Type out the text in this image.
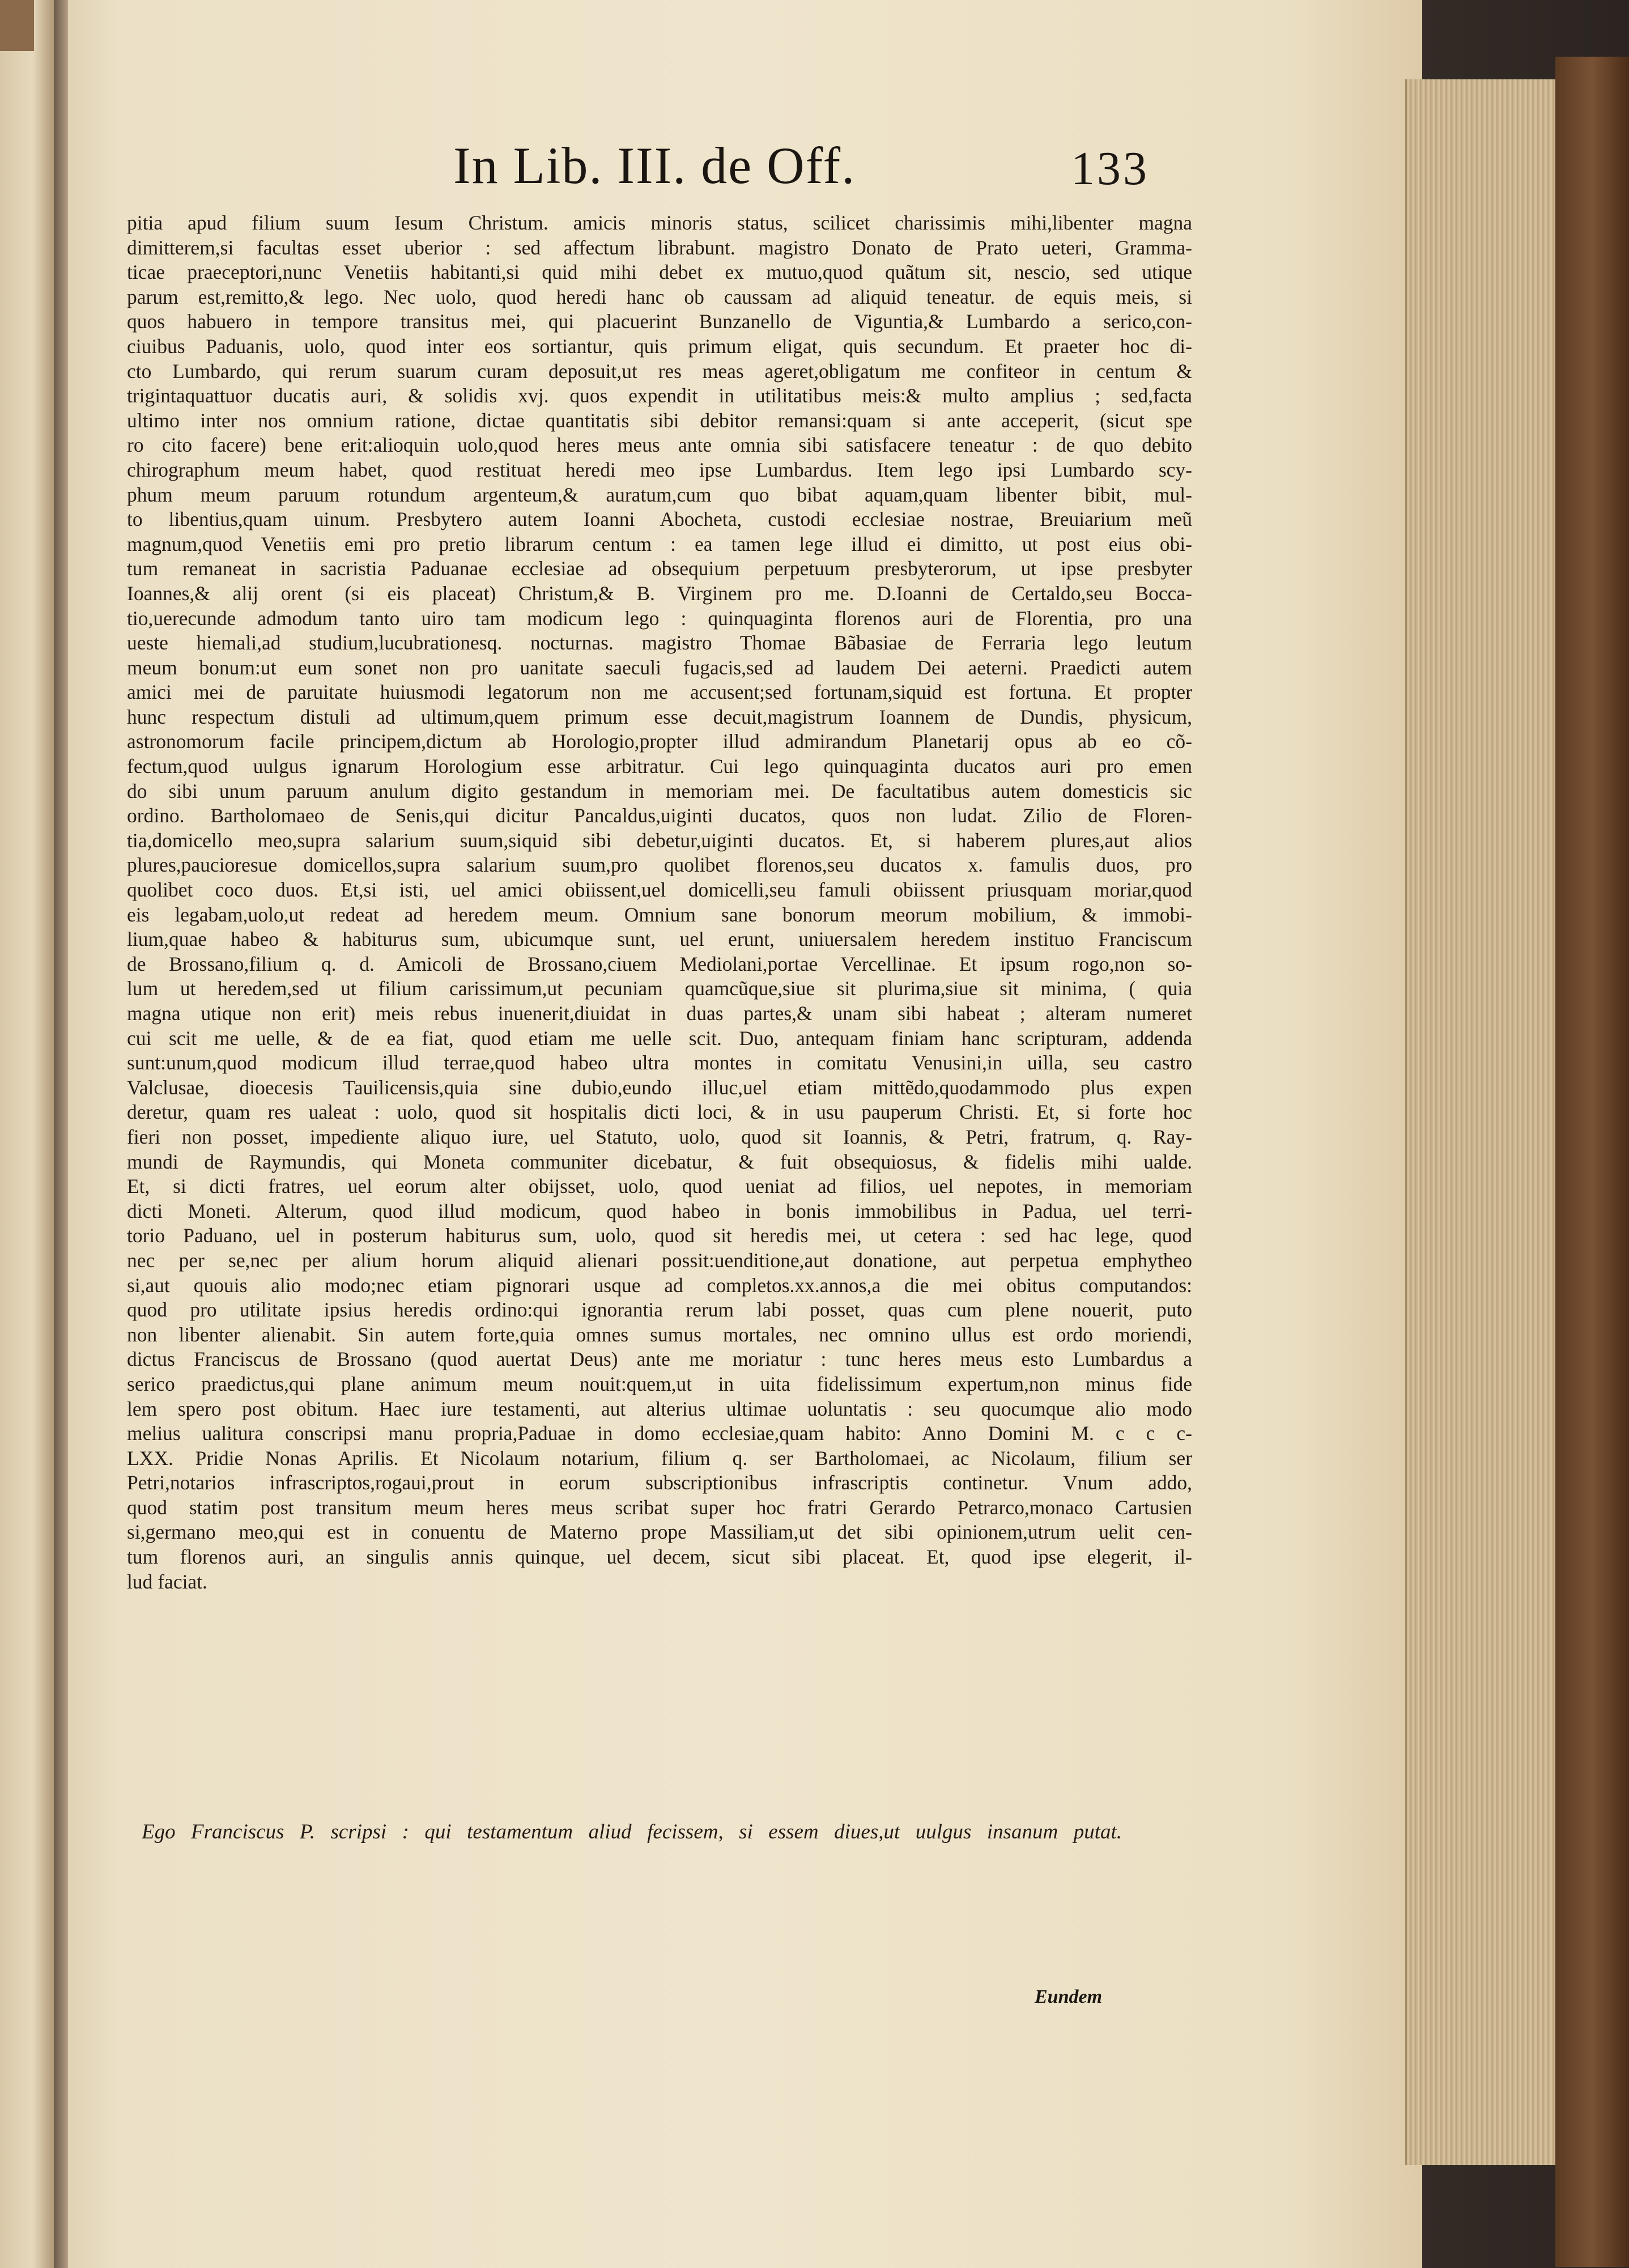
In Lib. III. de Off.	133
pitia apud filium suum Iesum Christum. amicis minoris status, scilicet charissimis mihi,libenter magna
dimitterem,si facultas esset uberior : sed affectum librabunt. magistro Donato de Prato ueteri, Gramma-
ticae praeceptori,nunc Venetiis habitanti,si quid mihi debet ex mutuo,quod quãtum sit, nescio, sed utique
parum est,remitto,& lego. Nec uolo, quod heredi hanc ob caussam ad aliquid teneatur. de equis meis, si
quos habuero in tempore transitus mei, qui placuerint Bunzanello de Viguntia,& Lumbardo a serico,con-
ciuibus Paduanis, uolo, quod inter eos sortiantur, quis primum eligat, quis secundum. Et praeter hoc di-
cto Lumbardo, qui rerum suarum curam deposuit,ut res meas ageret,obligatum me confiteor in centum &
trigintaquattuor ducatis auri, & solidis xvj. quos expendit in utilitatibus meis:& multo amplius ; sed,facta
ultimo inter nos omnium ratione, dictae quantitatis sibi debitor remansi:quam si ante acceperit, (sicut spe
ro cito facere) bene erit:alioquin uolo,quod heres meus ante omnia sibi satisfacere teneatur : de quo debito
chirographum meum habet, quod restituat heredi meo ipse Lumbardus. Item lego ipsi Lumbardo scy-
phum meum paruum rotundum argenteum,& auratum,cum quo bibat aquam,quam libenter bibit, mul-
to libentius,quam uinum. Presbytero autem Ioanni Abocheta, custodi ecclesiae nostrae, Breuiarium meũ
magnum,quod Venetiis emi pro pretio librarum centum : ea tamen lege illud ei dimitto, ut post eius obi-
tum remaneat in sacristia Paduanae ecclesiae ad obsequium perpetuum presbyterorum, ut ipse presbyter
Ioannes,& alij orent (si eis placeat) Christum,& B. Virginem pro me. D.Ioanni de Certaldo,seu Bocca-
tio,uerecunde admodum tanto uiro tam modicum lego : quinquaginta florenos auri de Florentia, pro una
ueste hiemali,ad studium,lucubrationesq. nocturnas. magistro Thomae Bãbasiae de Ferraria lego leutum
meum bonum:ut eum sonet non pro uanitate saeculi fugacis,sed ad laudem Dei aeterni. Praedicti autem
amici mei de paruitate huiusmodi legatorum non me accusent;sed fortunam,siquid est fortuna. Et propter
hunc respectum distuli ad ultimum,quem primum esse decuit,magistrum Ioannem de Dundis, physicum,
astronomorum facile principem,dictum ab Horologio,propter illud admirandum Planetarij opus ab eo cõ-
fectum,quod uulgus ignarum Horologium esse arbitratur. Cui lego quinquaginta ducatos auri pro emen
do sibi unum paruum anulum digito gestandum in memoriam mei. De facultatibus autem domesticis sic
ordino. Bartholomaeo de Senis,qui dicitur Pancaldus,uiginti ducatos, quos non ludat. Zilio de Floren-
tia,domicello meo,supra salarium suum,siquid sibi debetur,uiginti ducatos. Et, si haberem plures,aut alios
plures,paucioresue domicellos,supra salarium suum,pro quolibet florenos,seu ducatos x. famulis duos, pro
quolibet coco duos. Et,si isti, uel amici obiissent,uel domicelli,seu famuli obiissent priusquam moriar,quod
eis legabam,uolo,ut redeat ad heredem meum. Omnium sane bonorum meorum mobilium, & immobi-
lium,quae habeo & habiturus sum, ubicumque sunt, uel erunt, uniuersalem heredem instituo Franciscum
de Brossano,filium q. d. Amicoli de Brossano,ciuem Mediolani,portae Vercellinae. Et ipsum rogo,non so-
lum ut heredem,sed ut filium carissimum,ut pecuniam quamcũque,siue sit plurima,siue sit minima, ( quia
magna utique non erit) meis rebus inuenerit,diuidat in duas partes,& unam sibi habeat ; alteram numeret
cui scit me uelle, & de ea fiat, quod etiam me uelle scit. Duo, antequam finiam hanc scripturam, addenda
sunt:unum,quod modicum illud terrae,quod habeo ultra montes in comitatu Venusini,in uilla, seu castro
Valclusae, dioecesis Tauilicensis,quia sine dubio,eundo illuc,uel etiam mittẽdo,quodammodo plus expen
deretur, quam res ualeat : uolo, quod sit hospitalis dicti loci, & in usu pauperum Christi. Et, si forte hoc
fieri non posset, impediente aliquo iure, uel Statuto, uolo, quod sit Ioannis, & Petri, fratrum, q. Ray-
mundi de Raymundis, qui Moneta communiter dicebatur, & fuit obsequiosus, & fidelis mihi ualde.
Et, si dicti fratres, uel eorum alter obijsset, uolo, quod ueniat ad filios, uel nepotes, in memoriam
dicti Moneti. Alterum, quod illud modicum, quod habeo in bonis immobilibus in Padua, uel terri-
torio Paduano, uel in posterum habiturus sum, uolo, quod sit heredis mei, ut cetera : sed hac lege, quod
nec per se,nec per alium horum aliquid alienari possit:uenditione,aut donatione, aut perpetua emphytheo
si,aut quouis alio modo;nec etiam pignorari usque ad completos.xx.annos,a die mei obitus computandos:
quod pro utilitate ipsius heredis ordino:qui ignorantia rerum labi posset, quas cum plene nouerit, puto
non libenter alienabit. Sin autem forte,quia omnes sumus mortales, nec omnino ullus est ordo moriendi,
dictus Franciscus de Brossano (quod auertat Deus) ante me moriatur : tunc heres meus esto Lumbardus a
serico praedictus,qui plane animum meum nouit:quem,ut in uita fidelissimum expertum,non minus fide
lem spero post obitum. Haec iure testamenti, aut alterius ultimae uoluntatis : seu quocumque alio modo
melius ualitura conscripsi manu propria,Paduae in domo ecclesiae,quam habito: Anno Domini M. c c c-
LXX. Pridie Nonas Aprilis. Et Nicolaum notarium, filium q. ser Bartholomaei, ac Nicolaum, filium ser
Petri,notarios infrascriptos,rogaui,prout in eorum subscriptionibus infrascriptis continetur. Vnum addo,
quod statim post transitum meum heres meus scribat super hoc fratri Gerardo Petrarco,monaco Cartusien
si,germano meo,qui est in conuentu de Materno prope Massiliam,ut det sibi opinionem,utrum uelit cen-
tum florenos auri, an singulis annis quinque, uel decem, sicut sibi placeat. Et, quod ipse elegerit, il-
lud faciat.
Ego Franciscus P. scripsi : qui testamentum aliud fecissem, si essem diues,ut uulgus insanum putat.
Eundem
